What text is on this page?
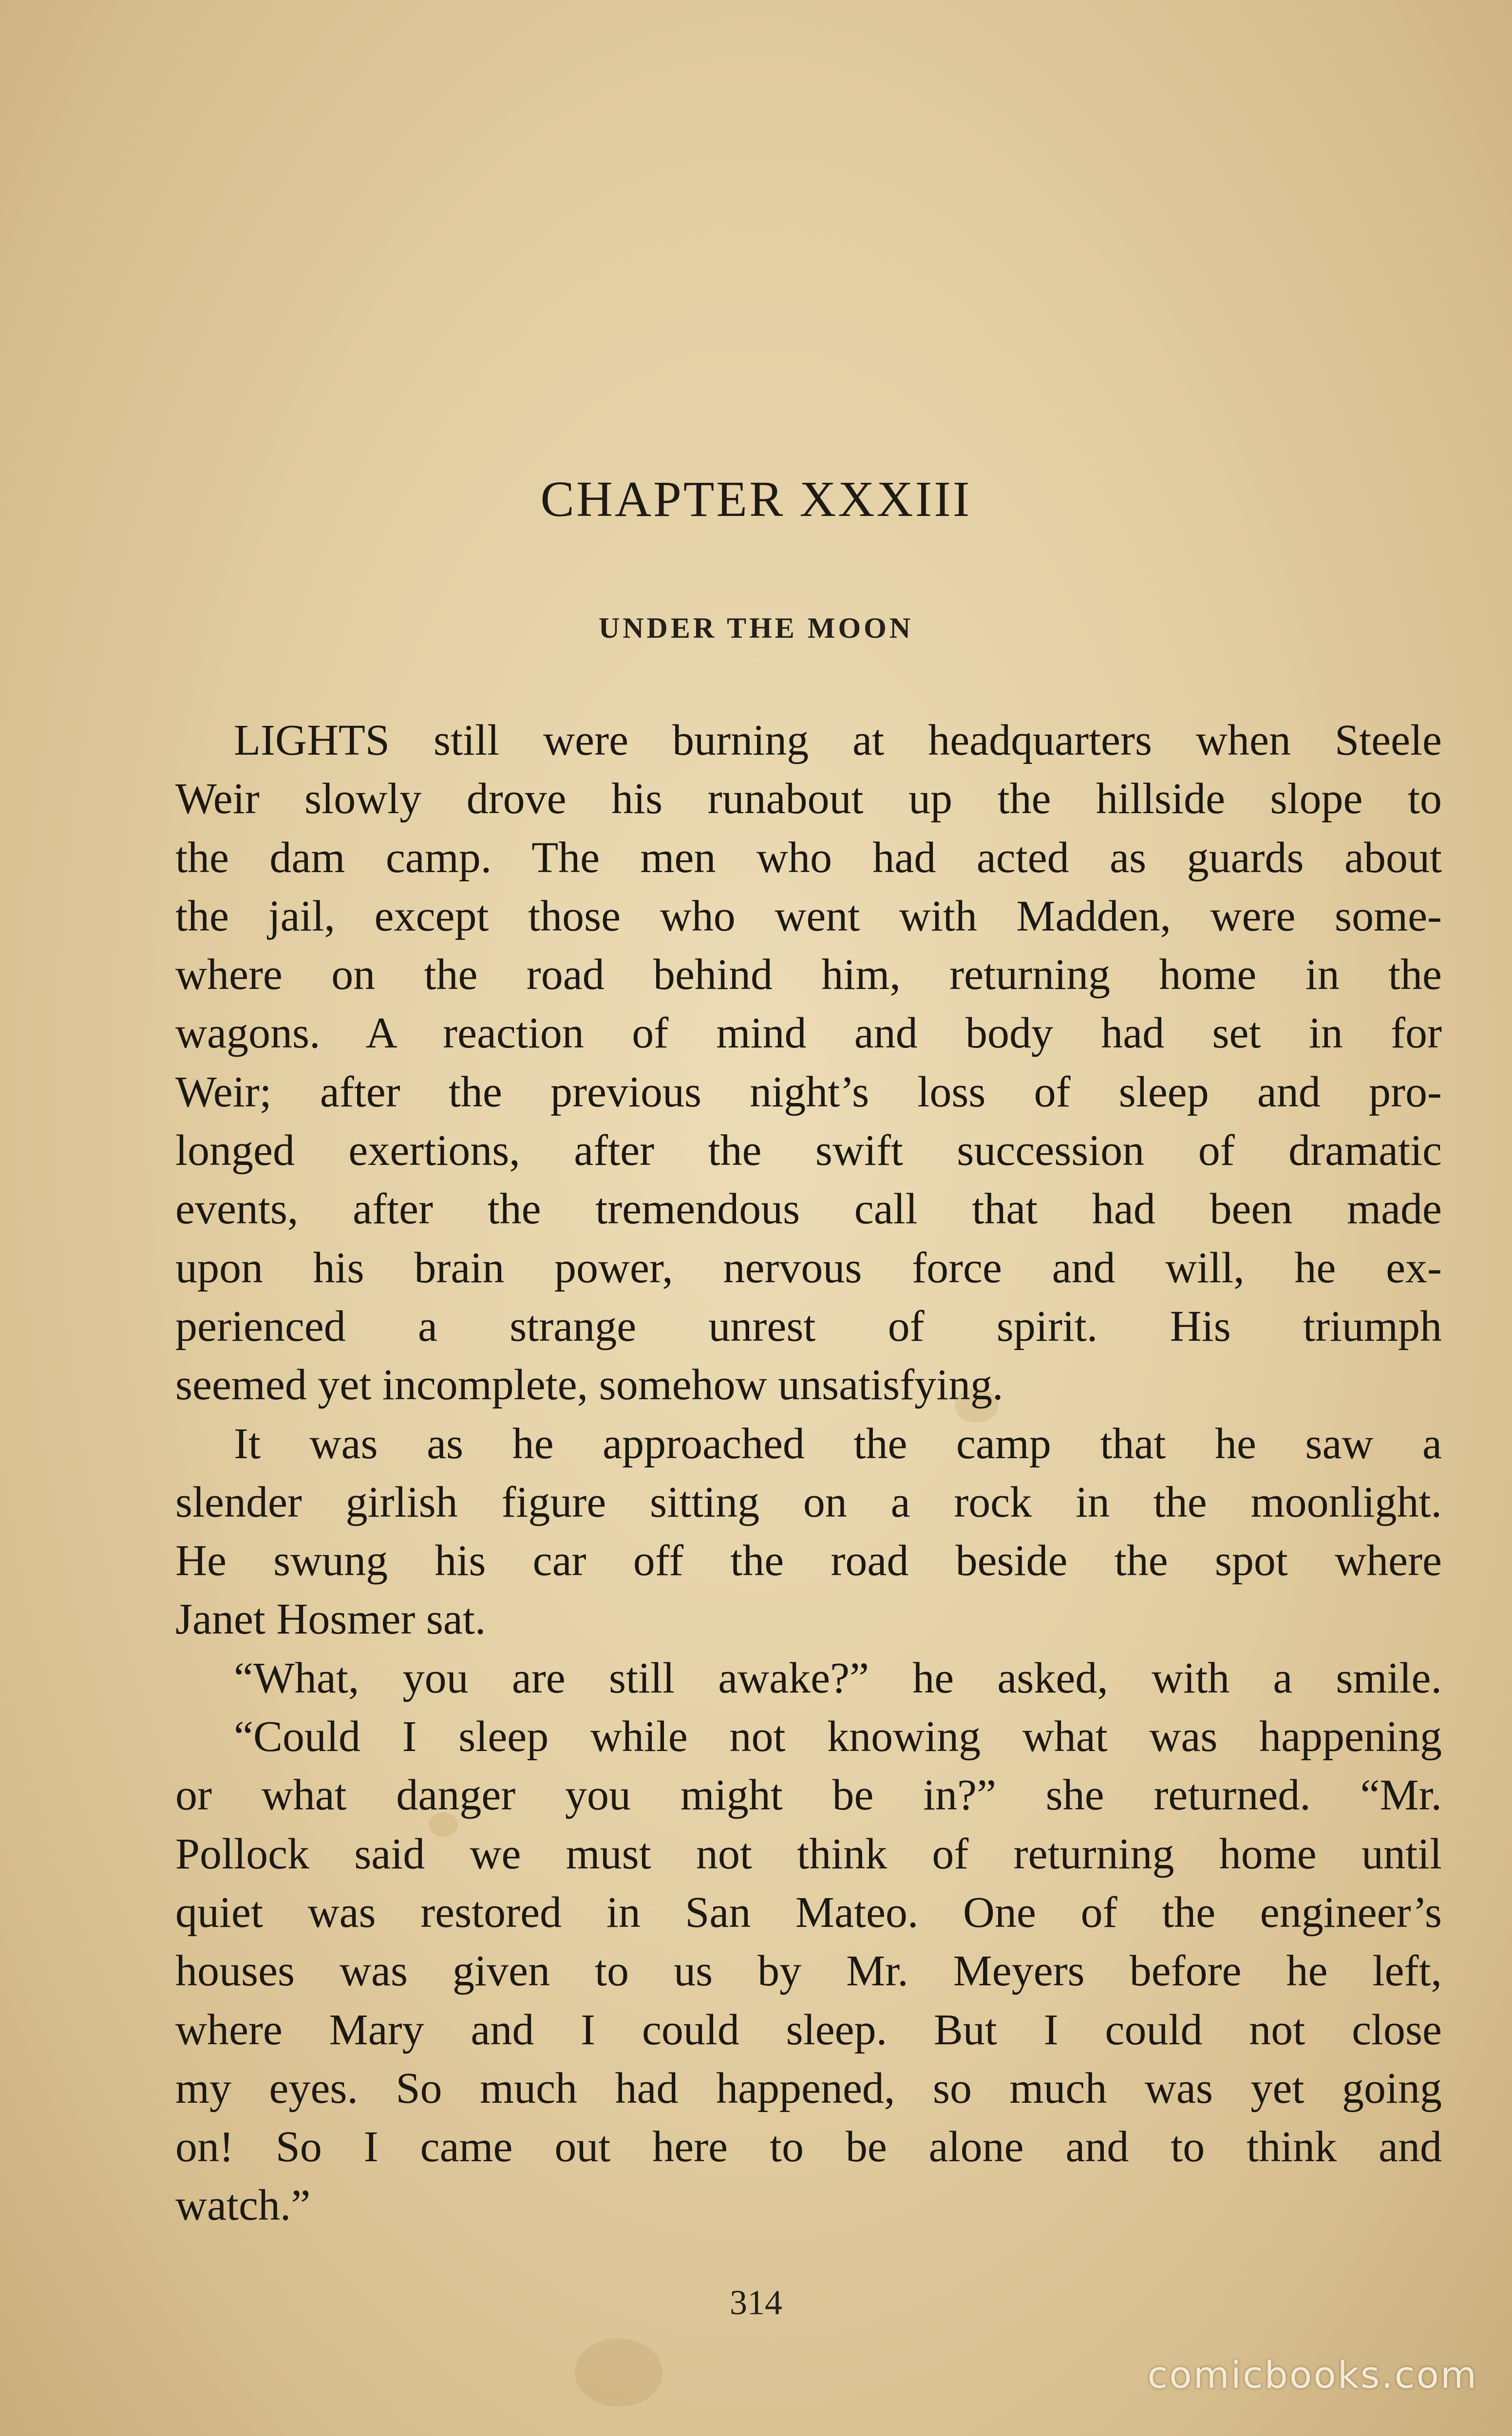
CHAPTER XXXIII
UNDER THE MOON
LIGHTS still were burning at headquarters when Steele
Weir slowly drove his runabout up the hillside slope to
the dam camp. The men who had acted as guards about
the jail, except those who went with Madden, were some-
where on the road behind him, returning home in the
wagons. A reaction of mind and body had set in for
Weir; after the previous night’s loss of sleep and pro-
longed exertions, after the swift succession of dramatic
events, after the tremendous call that had been made
upon his brain power, nervous force and will, he ex-
perienced a strange unrest of spirit. His triumph
seemed yet incomplete, somehow unsatisfying.
It was as he approached the camp that he saw a
slender girlish figure sitting on a rock in the moonlight.
He swung his car off the road beside the spot where
Janet Hosmer sat.
“What, you are still awake?” he asked, with a smile.
“Could I sleep while not knowing what was happening
or what danger you might be in?” she returned. “Mr.
Pollock said we must not think of returning home until
quiet was restored in San Mateo. One of the engineer’s
houses was given to us by Mr. Meyers before he left,
where Mary and I could sleep. But I could not close
my eyes. So much had happened, so much was yet going
on! So I came out here to be alone and to think and
watch.”
314
comicbooks.com
